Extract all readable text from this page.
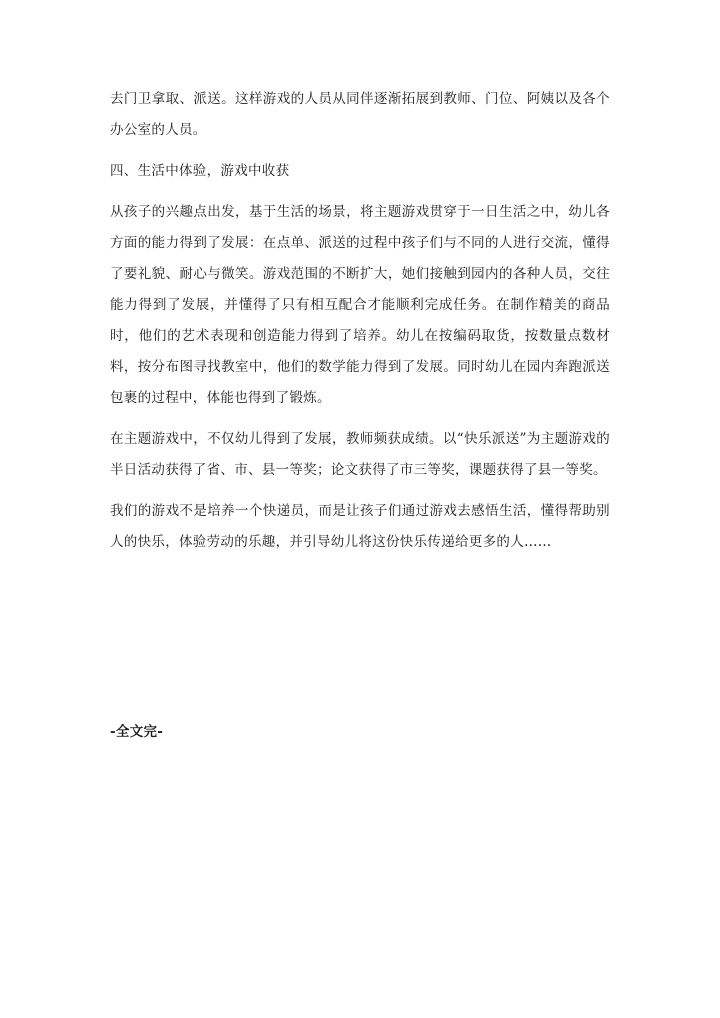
去门卫拿取、派送。这样游戏的人员从同伴逐渐拓展到教师、门位、阿姨以及各个办公室的人员。

四、生活中体验，游戏中收获

从孩子的兴趣点出发，基于生活的场景，将主题游戏贯穿于一日生活之中，幼儿各方面的能力得到了发展：在点单、派送的过程中孩子们与不同的人进行交流，懂得了要礼貌、耐心与微笑。游戏范围的不断扩大，她们接触到园内的各种人员，交往能力得到了发展，并懂得了只有相互配合才能顺利完成任务。在制作精美的商品时，他们的艺术表现和创造能力得到了培养。幼儿在按编码取货，按数量点数材料，按分布图寻找教室中，他们的数学能力得到了发展。同时幼儿在园内奔跑派送包裹的过程中，体能也得到了锻炼。

在主题游戏中，不仅幼儿得到了发展，教师频获成绩。以“快乐派送”为主题游戏的半日活动获得了省、市、县一等奖；论文获得了市三等奖，课题获得了县一等奖。

我们的游戏不是培养一个快递员，而是让孩子们通过游戏去感悟生活，懂得帮助别人的快乐，体验劳动的乐趣，并引导幼儿将这份快乐传递给更多的人……

-全文完-
